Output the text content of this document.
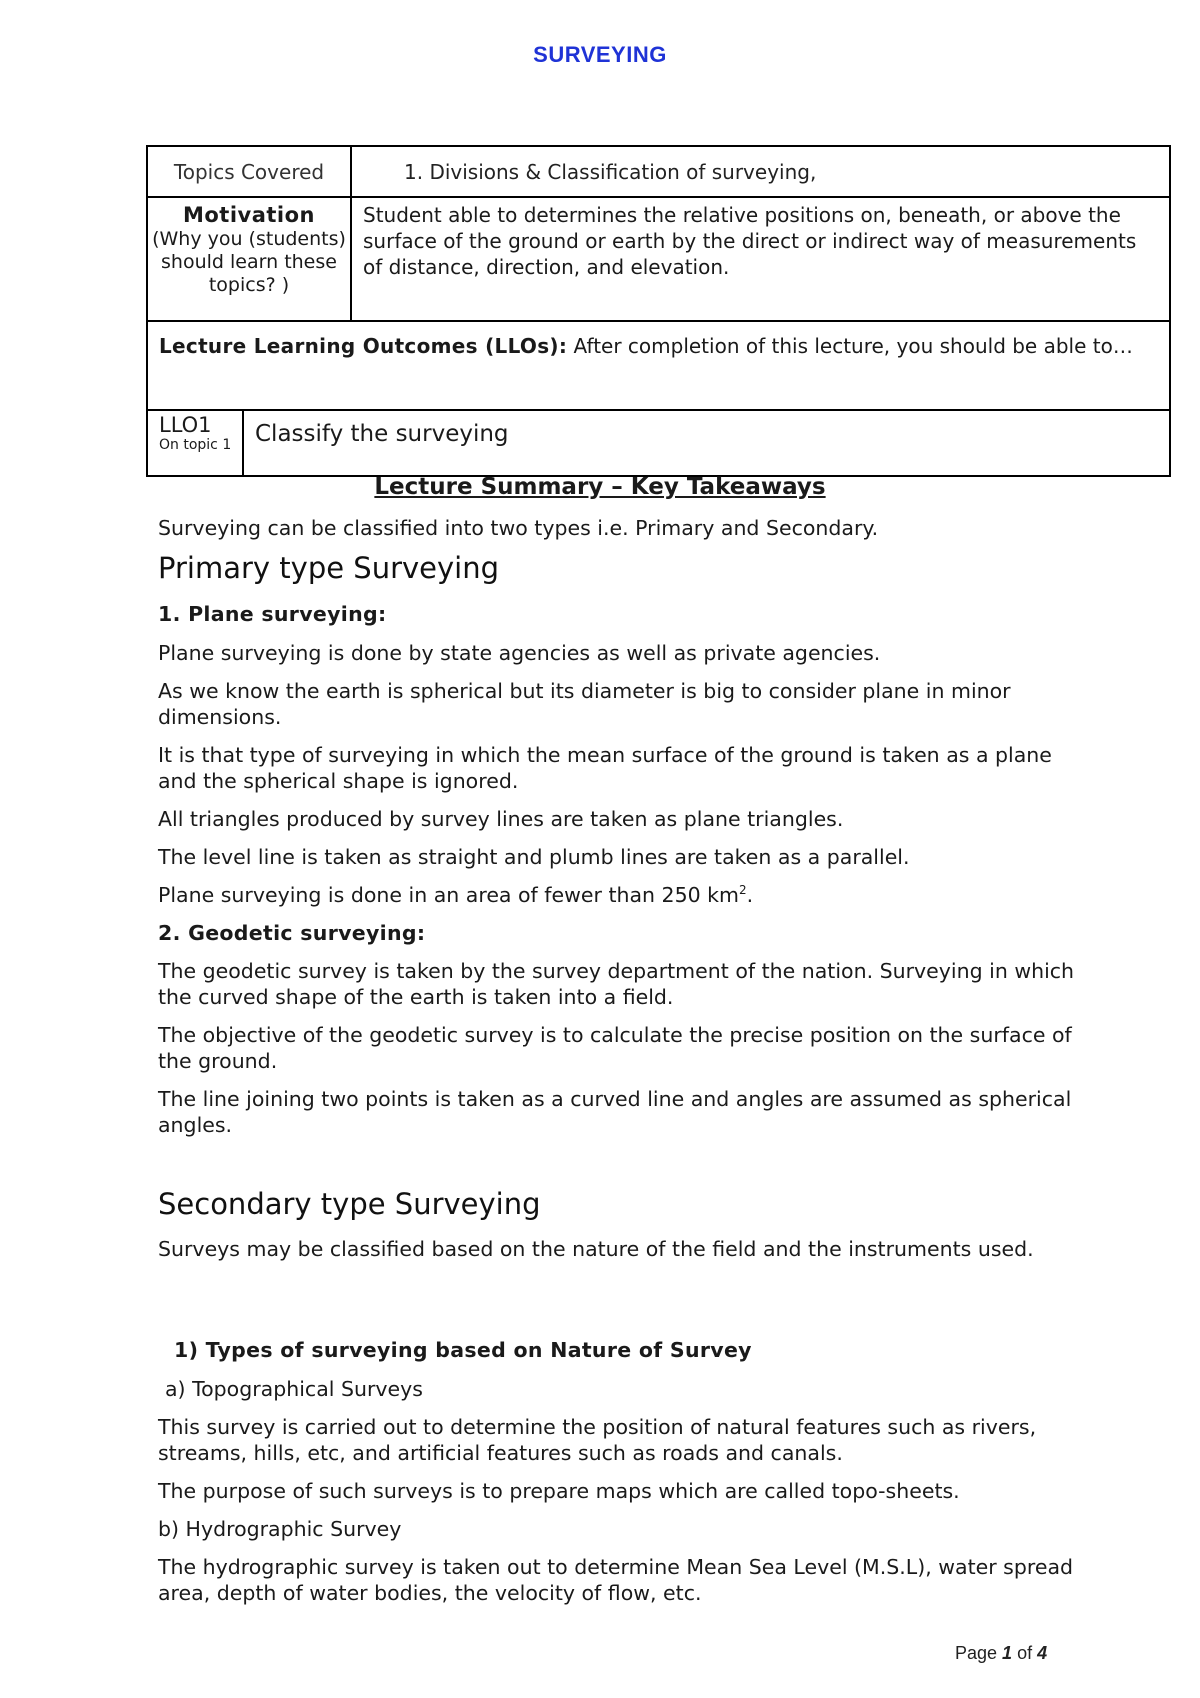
SURVEYING
Topics Covered		1. Divisions & Classification of surveying,

Motivation
(Why you (students) should learn these topics? )		Student able to determines the relative positions on, beneath, or above the surface of the ground or earth by the direct or indirect way of measurements of distance, direction, and elevation.
Lecture Learning Outcomes (LLOs): After completion of this lecture, you should be able to…		

LLO1
On topic 1	Classify the surveying	
Lecture Summary – Key Takeaways

Surveying can be classified into two types i.e. Primary and Secondary.

Primary type Surveying
1. Plane surveying:

Plane surveying is done by state agencies as well as private agencies.

As we know the earth is spherical but its diameter is big to consider plane in minor dimensions.

It is that type of surveying in which the mean surface of the ground is taken as a plane and the spherical shape is ignored.

All triangles produced by survey lines are taken as plane triangles.

The level line is taken as straight and plumb lines are taken as a parallel.

Plane surveying is done in an area of fewer than 250 $km^2$.

2. Geodetic surveying:

The geodetic survey is taken by the survey department of the nation. Surveying in which the curved shape of the earth is taken into a field.

The objective of the geodetic survey is to calculate the precise position on the surface of the ground.

The line joining two points is taken as a curved line and angles are assumed as spherical angles.

Secondary type Surveying

Surveys may be classified based on the nature of the field and the instruments used.

1) Types of surveying based on Nature of Survey

a) Topographical Surveys

This survey is carried out to determine the position of natural features such as rivers, streams, hills, etc, and artificial features such as roads and canals.

The purpose of such surveys is to prepare maps which are called topo-sheets.

b) Hydrographic Survey

The hydrographic survey is taken out to determine Mean Sea Level (M.S.L), water spread area, depth of water bodies, the velocity of flow, etc.

Page 1 of 4
